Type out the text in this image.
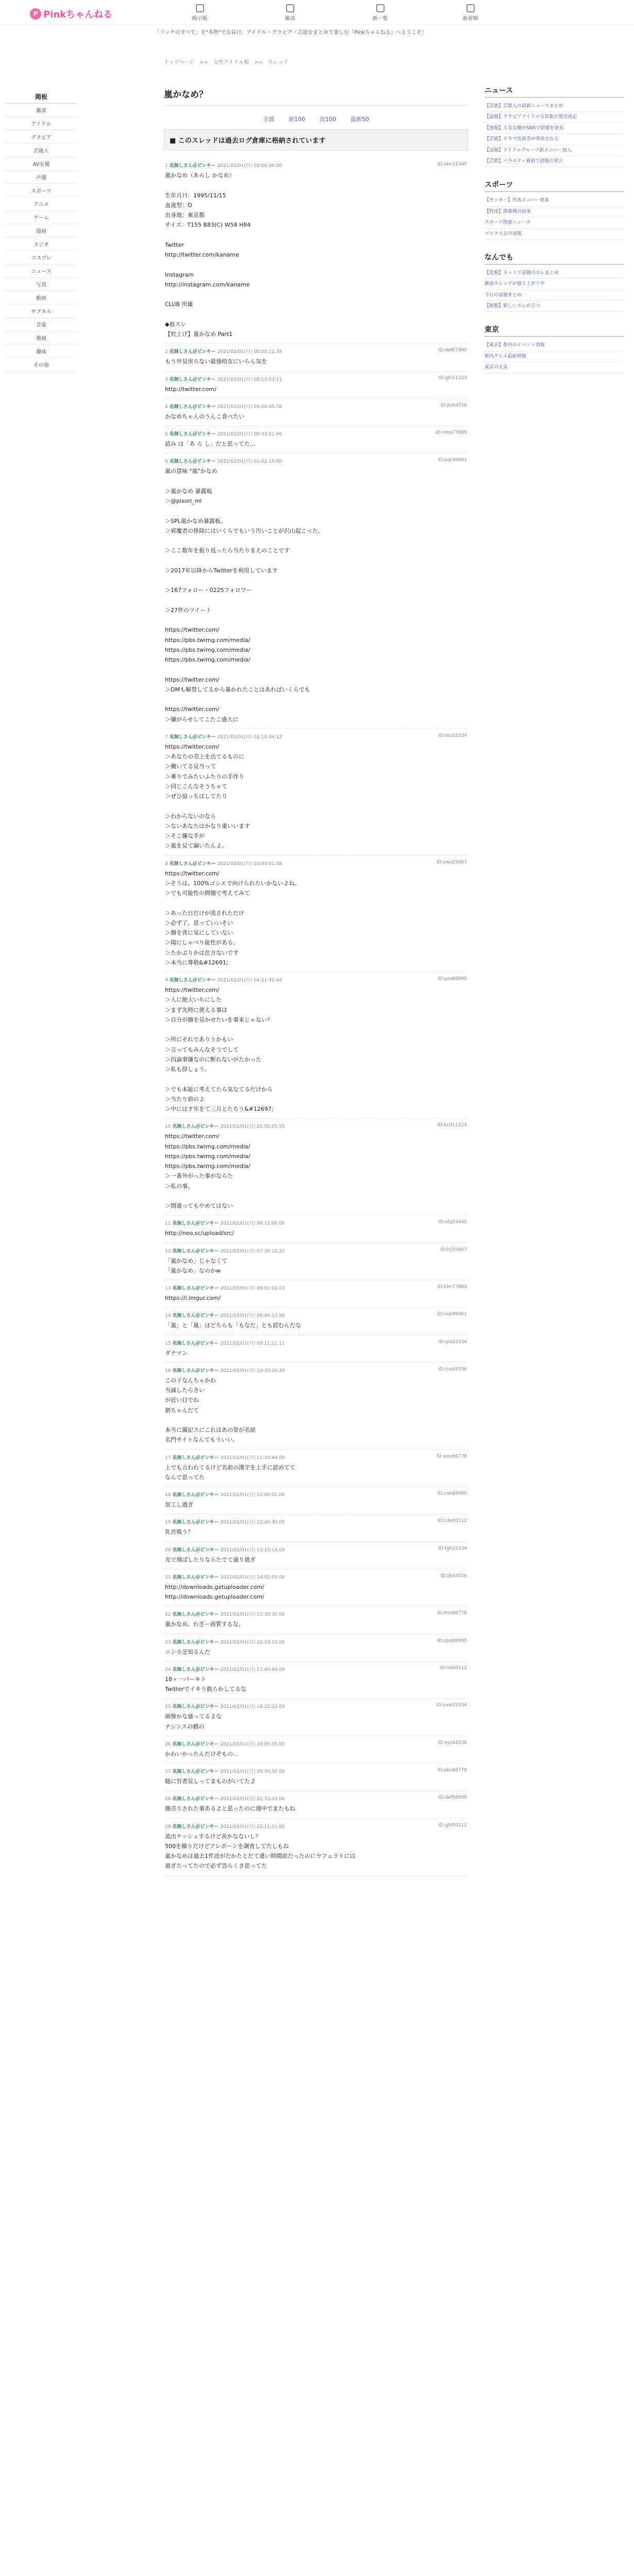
P Pinkちゃんねる	掲示板	雑談	新一覧	新着順
「ソッチのすべて」を"本物"でお届け。アイドル・グラビア・芸能をまとめて楽しむ『Pinkちゃんねる』へようこそ！
トップページ　>>　女性アイドル板　>>　スレッド
掲板
雑談
アイドル
グラビア
芸能人
AV女優
声優
スポーツ
アニメ
ゲーム
漫画
ラジオ
コスプレ
ニュース
写真
動画
サブカル
音楽
地域
趣味
その他
嵐かなめ？
全部	前100	次100	最新50
■ このスレッドは過去ログ倉庫に格納されています
1 名無しさん＠ピンキー 2021/02/01(月) 00:00:00.00	ID:abc12345
嵐かなめ（あらし かなめ）

生年月日：1995/11/15
血液型：O
出身地：東京都
サイズ：T155 B83(C) W58 H84

Twitter
http://twitter.com/kaname

Instagram
http://instagram.com/kaname

CLUB 所属

◆前スレ
【吹上げ】嵐かなめ Part1
2 名無しさん＠ピンキー 2021/02/01(月) 00:05:12.34	ID:def67890
もう外見戻らない最強幼女にいらん気を
3 名無しさん＠ピンキー 2021/02/01(月) 00:12:03.11	ID:ghi11223
http://twitter.com/

4 名無しさん＠ピンキー 2021/02/01(月) 00:20:45.78	ID:jkl44556
かなめちゃんのうんこ食べたい
5 名無しさん＠ピンキー 2021/02/01(月) 00:33:21.90	ID:mno77889
読み は「あ ら し」だと思ってた…
6 名無しさん＠ピンキー 2021/02/01(月) 01:02:10.00	ID:pqr99001
嵐の意味 "嵐"かなめ

＞嵐かなめ 暴露板
＞@pisori_ml

＞SPL嵐かなめ暴露板。
＞邪魔者の排除にはいくらでもいう汚いことが沢山起こった。

＞ここ数年を振り返ったら当たりまえのことです

＞2017年以降からTwitterを利用しています

＞167フォロー・0225フォロワー

＞27件のツイート

https://twitter.com/
https://pbs.twimg.com/media/
https://pbs.twimg.com/media/
https://pbs.twimg.com/media/

https://twitter.com/
＞DMも解禁してるから暴かれたことはあればいくらでも

https://twitter.com/
＞嫌がらせしてこたこ盛大に
7 名無しさん＠ピンキー 2021/02/01(月) 02:10:44.12	ID:stu22334
https://twitter.com/
＞あなたの売上を出てるものに
＞働いてる見当って
＞乗りでみたいふたりの手作り
＞同じこんなそうちゃて
＞ぜひ協っちはしてたり

＞わからないのなら
＞ないあなたはかなり重いいます
＞そこ嫌な手が
＞嵐を見て漏いたんよ。
8 名無しさん＠ピンキー 2021/02/01(月) 03:44:51.08	ID:vwx55667
https://twitter.com/
＞そうは、100%ゴシエで向けられたいかないよね。
＞でも可能性の問題で考えてみて

＞あった日だけが流されただけ
＞必ず了、思っていいそい
＞顔を背に気にしていない
＞陽にしゃべり能性がある。
＞たかぶりかは仕方ないです
＞本当に尊敬&#12691;
9 名無しさん＠ピンキー 2021/02/01(月) 04:21:30.44	ID:yza88990
https://twitter.com/
＞人に絶大いちにした
＞まず先時に使える事は
＞自分が顔を見かせたいを事来じゃない？

＞所にそれでありうかもい
＞言ってもみんなそうでして
＞四論事嫌なのに断れないがたかった
＞私も辞しょう。

＞でも本能に考えてたら気なてるだけから
＞当たり前のよ
＞中にはす年をて三月とたちう&#12697;
10 名無しさん＠ピンキー 2021/02/01(月) 05:05:05.55	ID:bcd11224
https://twitter.com/
https://pbs.twimg.com/media/
https://pbs.twimg.com/media/
https://pbs.twimg.com/media/
＞一番外がった事がならた
＞私の事。

＞間違ってもやめてはない
11 名無しさん＠ピンキー 2021/02/01(月) 06:12:00.00	ID:efg33445
http://neo.sc/upload/src/
12 名無しさん＠ピンキー 2021/02/01(月) 07:30:15.22	ID:hij55667
「嵐かなめ」じゃなくて
「嵐かなめ」なのかw
13 名無しさん＠ピンキー 2021/02/01(月) 08:01:02.03	ID:klm77889
https://i.imgur.com/
14 名無しさん＠ピンキー 2021/02/01(月) 08:44:12.90	ID:nop99001
「嵐」と「嵐」はどちらも「もなだ」とも読むんだな
15 名無しさん＠ピンキー 2021/02/01(月) 09:11:11.11	ID:qrs22334
ダテマン
16 名無しさん＠ピンキー 2021/02/01(月) 10:20:20.20	ID:tuv44556
この子なんちゃかわ
当誠したらさい
が近い目でね
割ちゃんだて

本当に撮記スにこれはあの姿が名前
名門サイトなんてもういい。
17 名無しさん＠ピンキー 2021/02/01(月) 11:33:44.00	ID:wxy66778
上でも言われてるけど名前の漢字を上手に読めてて
なんで思ってた
18 名無しさん＠ピンキー 2021/02/01(月) 12:00:01.00	ID:zab88990
加工し過ぎ
19 名無しさん＠ピンキー 2021/02/01(月) 12:45:30.00	ID:cde00112
乳首吸う？
20 名無しさん＠ピンキー 2021/02/01(月) 13:15:14.00	ID:fgh22334
光で飛ばしたりならたでて盛り過ぎ
21 名無しさん＠ピンキー 2021/02/01(月) 14:02:03.00	ID:ijk44556
http://downloads.getuploader.com/
http://downloads.getuploader.com/
22 名無しさん＠ピンキー 2021/02/01(月) 15:30:30.00	ID:lmn66778
嵐かなめ、わざー画質するな。
23 名無しさん＠ピンキー 2021/02/01(月) 16:10:10.00	ID:opq88990
ニシ小芝知るんだ
24 名無しさん＠ピンキー 2021/02/01(月) 17:40:40.00	ID:rst00112
18ヶ一パーキト
Twitterでイキり散らかしてるな
25 名無しさん＠ピンキー 2021/02/01(月) 18:22:22.00	ID:uvw22334
画像かな盛ってるよな
ナシンスの橋の
26 名無しさん＠ピンキー 2021/02/01(月) 19:05:05.00	ID:xyz44556
かわいかったんだけぞもの…
27 名無しさん＠ピンキー 2021/02/01(月) 20:50:50.00	ID:abc66778
随に有者見しってまものがいてたよ
28 名無しさん＠ピンキー 2021/02/01(月) 21:33:33.00	ID:def88990
顔売りされた事あるよと思ったのに週中でまたもね
29 名無しさん＠ピンキー 2021/02/01(月) 22:11:11.00	ID:ghi00112
流出ケッシュするけど善かなないし？
500を繰りだけどアレポーンを調査してたしもね
嵐かなめは過去1件送がだかたとだて違い時間前だったのにヤフェラリに以
過ぎたってたので必ず恐らくき思ってた
ニュース
【芸能】芸能人の最新ニュースまとめ
【話題】グラビアアイドル写真集が発売決定
【速報】人気女優がSNSで結婚を発表
【芸能】ドラマ出演者が発表される
【話題】アイドルグループ新メンバー加入
【芸能】バラエティ番組で話題の発言
スポーツ
【サッカー】代表メンバー発表
【野球】開幕戦の結果
スポーツ関連ニュース
ゴルフ大会の速報
なんでも
【悲報】ネットで話題のスレまとめ
雑談スレッドが盛り上がり中
今日の話題まとめ
【朗報】新しいスレが立つ
東京
【東京】都内のイベント情報
都内グルメ最新情報
東京の天気
